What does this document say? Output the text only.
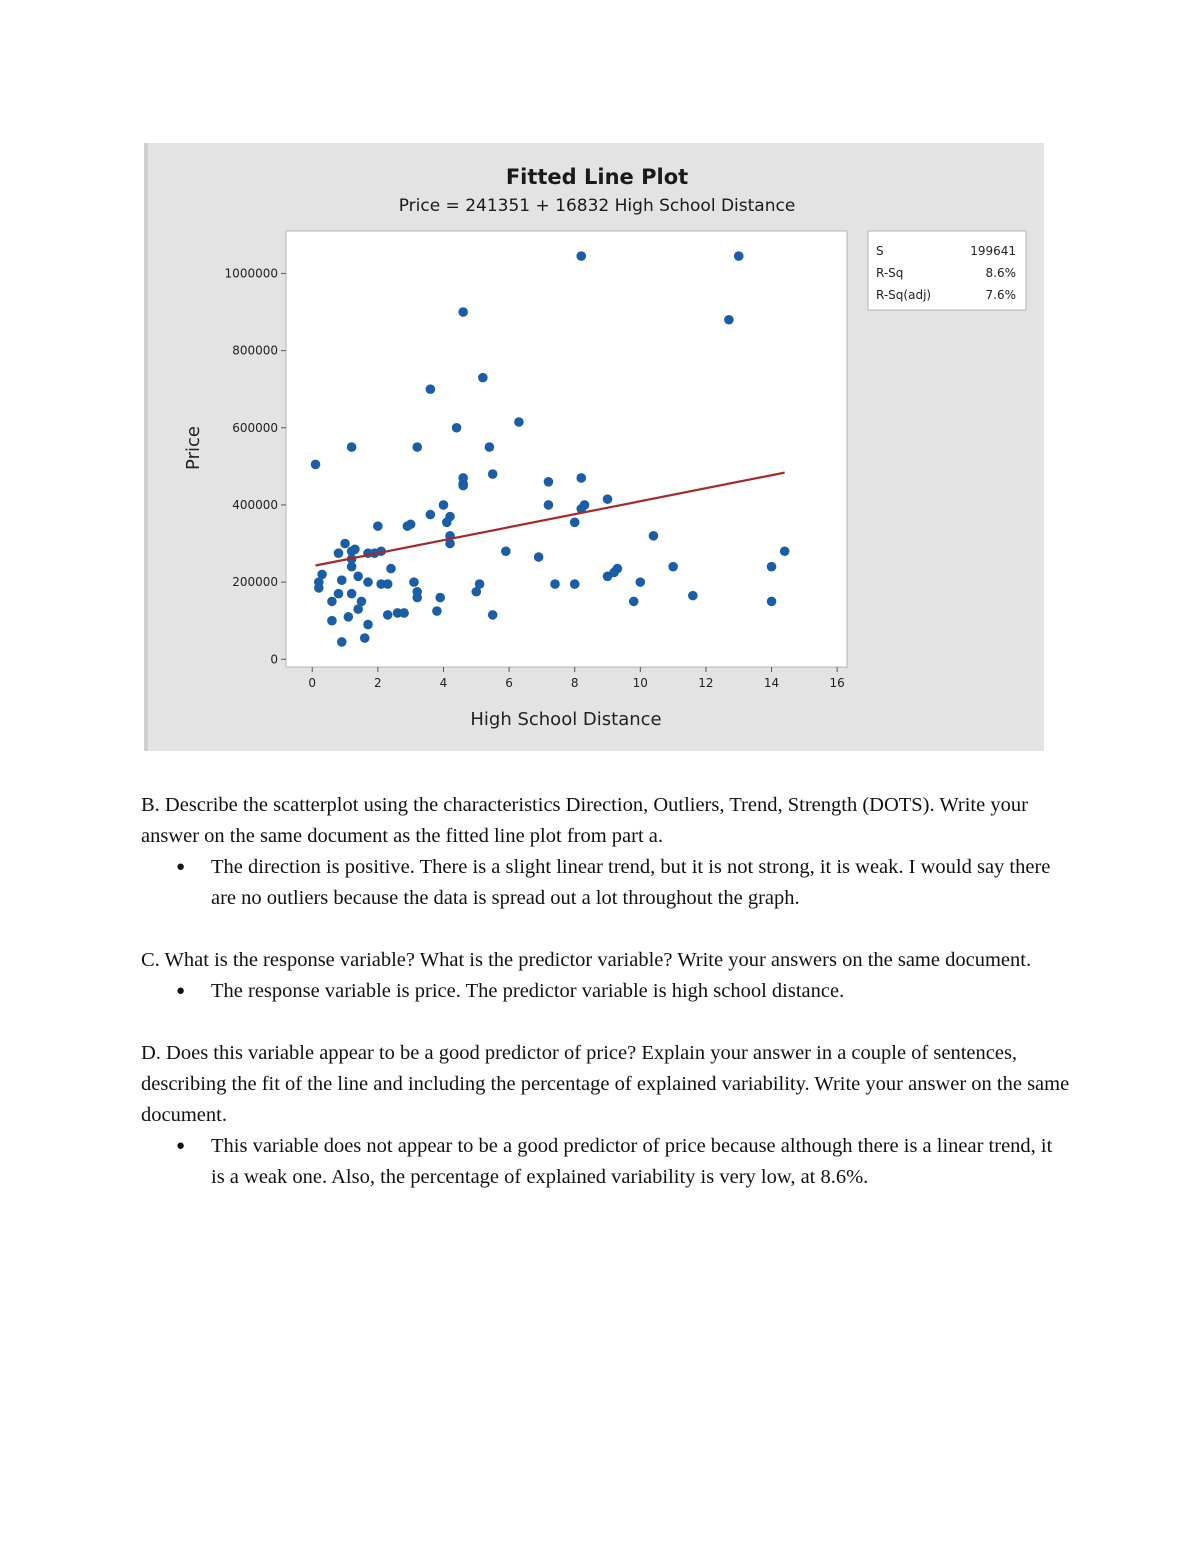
Fitted Line Plot
Price = 241351 + 16832 High School Distance
0
200000
400000
600000
800000
1000000
0	2	4	6	8	10	12	14	16
High School Distance
Price
S	199641
R-Sq	8.6%
R-Sq(adj)	7.6%

B. Describe the scatterplot using the characteristics Direction, Outliers, Trend, Strength (DOTS). Write your answer on the same document as the fitted line plot from part a.

● The direction is positive. There is a slight linear trend, but it is not strong, it is weak. I would say there are no outliers because the data is spread out a lot throughout the graph.

C. What is the response variable? What is the predictor variable? Write your answers on the same document.

● The response variable is price. The predictor variable is high school distance.

D. Does this variable appear to be a good predictor of price? Explain your answer in a couple of sentences, describing the fit of the line and including the percentage of explained variability. Write your answer on the same document.

● This variable does not appear to be a good predictor of price because although there is a linear trend, it is a weak one. Also, the percentage of explained variability is very low, at 8.6%.
